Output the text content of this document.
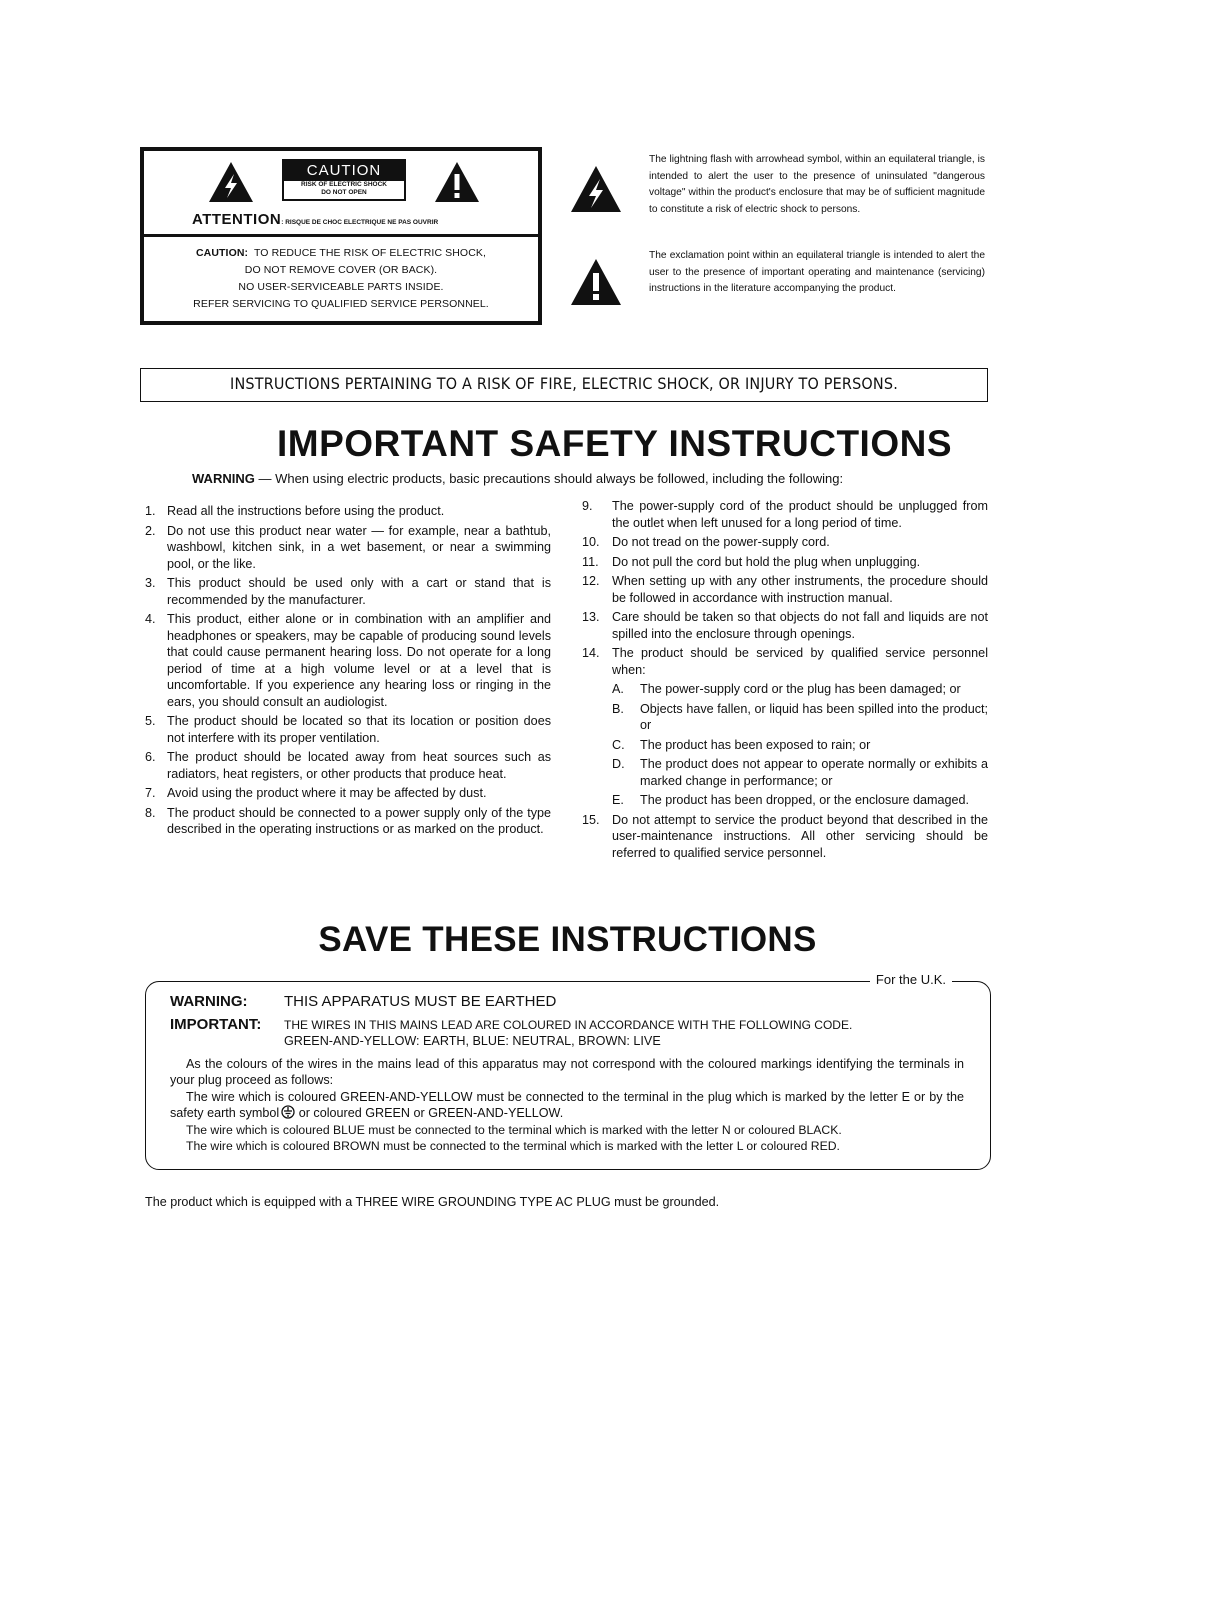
CAUTION
RISK OF ELECTRIC SHOCK
DO NOT OPEN
ATTENTION: RISQUE DE CHOC ELECTRIQUE NE PAS OUVRIR
CAUTION: TO REDUCE THE RISK OF ELECTRIC SHOCK,
DO NOT REMOVE COVER (OR BACK).
NO USER-SERVICEABLE PARTS INSIDE.
REFER SERVICING TO QUALIFIED SERVICE PERSONNEL.
The lightning flash with arrowhead symbol, within an equilateral triangle, is intended to alert the user to the presence of uninsulated "dangerous voltage" within the product's enclosure that may be of sufficient magnitude to constitute a risk of electric shock to persons.
The exclamation point within an equilateral triangle is intended to alert the user to the presence of important operating and maintenance (servicing) instructions in the literature accompanying the product.
INSTRUCTIONS PERTAINING TO A RISK OF FIRE, ELECTRIC SHOCK, OR INJURY TO PERSONS.
IMPORTANT SAFETY INSTRUCTIONS
WARNING — When using electric products, basic precautions should always be followed, including the following:
1. Read all the instructions before using the product.
2. Do not use this product near water — for example, near a bathtub, washbowl, kitchen sink, in a wet basement, or near a swimming pool, or the like.
3. This product should be used only with a cart or stand that is recommended by the manufacturer.
4. This product, either alone or in combination with an amplifier and headphones or speakers, may be capable of producing sound levels that could cause permanent hearing loss. Do not operate for a long period of time at a high volume level or at a level that is uncomfortable. If you experience any hearing loss or ringing in the ears, you should consult an audiologist.
5. The product should be located so that its location or position does not interfere with its proper ventilation.
6. The product should be located away from heat sources such as radiators, heat registers, or other products that produce heat.
7. Avoid using the product where it may be affected by dust.
8. The product should be connected to a power supply only of the type described in the operating instructions or as marked on the product.
9. The power-supply cord of the product should be unplugged from the outlet when left unused for a long period of time.
10. Do not tread on the power-supply cord.
11. Do not pull the cord but hold the plug when unplugging.
12. When setting up with any other instruments, the procedure should be followed in accordance with instruction manual.
13. Care should be taken so that objects do not fall and liquids are not spilled into the enclosure through openings.
14. The product should be serviced by qualified service personnel when:
A. The power-supply cord or the plug has been damaged; or
B. Objects have fallen, or liquid has been spilled into the product; or
C. The product has been exposed to rain; or
D. The product does not appear to operate normally or exhibits a marked change in performance; or
E. The product has been dropped, or the enclosure damaged.
15. Do not attempt to service the product beyond that described in the user-maintenance instructions. All other servicing should be referred to qualified service personnel.
SAVE THESE INSTRUCTIONS
For the U.K.
WARNING: THIS APPARATUS MUST BE EARTHED
IMPORTANT: THE WIRES IN THIS MAINS LEAD ARE COLOURED IN ACCORDANCE WITH THE FOLLOWING CODE.
GREEN-AND-YELLOW: EARTH, BLUE: NEUTRAL, BROWN: LIVE
As the colours of the wires in the mains lead of this apparatus may not correspond with the coloured markings identifying the terminals in your plug proceed as follows:
The wire which is coloured GREEN-AND-YELLOW must be connected to the terminal in the plug which is marked by the letter E or by the safety earth symbol or coloured GREEN or GREEN-AND-YELLOW.
The wire which is coloured BLUE must be connected to the terminal which is marked with the letter N or coloured BLACK.
The wire which is coloured BROWN must be connected to the terminal which is marked with the letter L or coloured RED.
The product which is equipped with a THREE WIRE GROUNDING TYPE AC PLUG must be grounded.
